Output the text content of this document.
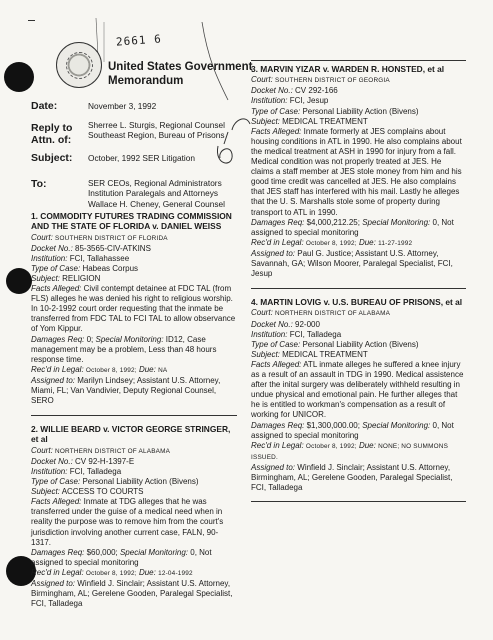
2661 6
United States Government
Memorandum
Date:	November 3, 1992
Reply to
Attn. of:
Sherree L. Sturgis, Regional Counsel
Southeast Region, Bureau of Prisons
Subject: October, 1992 SER Litigation
To:	SER CEOs, Regional Administrators
Institution Paralegals and Attorneys
Wallace H. Cheney, General Counsel
1. COMMODITY FUTURES TRADING COMMISSION
AND THE STATE OF FLORIDA v. DANIEL WEISS

Court: SOUTHERN DISTRICT OF FLORIDA

Docket No.: 85-3565-CIV-ATKINS

Institution: FCI, Tallahassee

Type of Case: Habeas Corpus

Subject: RELIGION

Facts Alleged: Civil contempt detainee at FDC TAL (from FLS) alleges he was denied his right to religious worship. In 10-2-1992 court order requesting that the inmate be transferred from FDC TAL to FCI TAL to allow observance of Yom Kippur.

Damages Req: 0; Special Monitoring: ID12, Case management may be a problem, Less than 48 hours response time.

Rec'd in Legal: October 8, 1992; Due: NA

Assigned to: Marilyn Lindsey; Assistant U.S. Attorney, Miami, FL; Van Vandivier, Deputy Regional Counsel, SERO

2. WILLIE BEARD v. VICTOR GEORGE STRINGER, et al

Court: NORTHERN DISTRICT OF ALABAMA

Docket No.: CV 92-H-1397-E

Institution: FCI, Talladega

Type of Case: Personal Liability Action (Bivens)

Subject: ACCESS TO COURTS

Facts Alleged: Inmate at TDG alleges that he was transferred under the guise of a medical need when in reality the purpose was to remove him from the court's jurisdiction involving another current case, FALN, 90-1317.

Damages Req: $60,000; Special Monitoring: 0, Not assigned to special monitoring

Rec'd in Legal: October 8, 1992; Due: 12-04-1992

Assigned to: Winfield J. Sinclair; Assistant U.S. Attorney, Birmingham, AL; Gerelene Gooden, Paralegal Specialist, FCI, Talladega

3. MARVIN YIZAR v. WARDEN R. HONSTED, et al

Court: SOUTHERN DISTRICT OF GEORGIA

Docket No.: CV 292-166

Institution: FCI, Jesup

Type of Case: Personal Liability Action (Bivens)

Subject: MEDICAL TREATMENT

Facts Alleged: Inmate formerly at JES complains about housing conditions in ATL in 1990. He also complains about the medical treatment at ASH in 1990 for injury from a fall. Medical condition was not properly treated at JES. He claims a staff member at JES stole money from him and his good time credit was cancelled at JES. He also complains that JES staff has interfered with his mail. Lastly he alleges that the U. S. Marshalls stole some of property during transport to ATL in 1990.

Damages Req: $4,000,212.25; Special Monitoring: 0, Not assigned to special monitoring

Rec'd in Legal: October 8, 1992; Due: 11-27-1992

Assigned to: Paul G. Justice; Assistant U.S. Attorney, Savannah, GA; Wilson Moorer, Paralegal Specialist, FCI, Jesup

4. MARTIN LOVIG v. U.S. BUREAU OF PRISONS, et al

Court: NORTHERN DISTRICT OF ALABAMA

Docket No.: 92-000

Institution: FCI, Talladega

Type of Case: Personal Liability Action (Bivens)

Subject: MEDICAL TREATMENT

Facts Alleged: ATL inmate alleges he suffered a knee injury as a result of an assault in TDG in 1990. Medical assistence after the inital surgery was deliberately withheld resulting in undue physical and emotional pain. He further alleges that he is entitled to workman's compensation as a result of working for UNICOR.

Damages Req: $1,300,000.00; Special Monitoring: 0, Not assigned to special monitoring

Rec'd in Legal: October 8, 1992; Due: NONE; NO SUMMONS ISSUED.

Assigned to: Winfield J. Sinclair; Assistant U.S. Attorney, Birmingham, AL; Gerelene Gooden, Paralegal Specialist, FCI, Talladega
